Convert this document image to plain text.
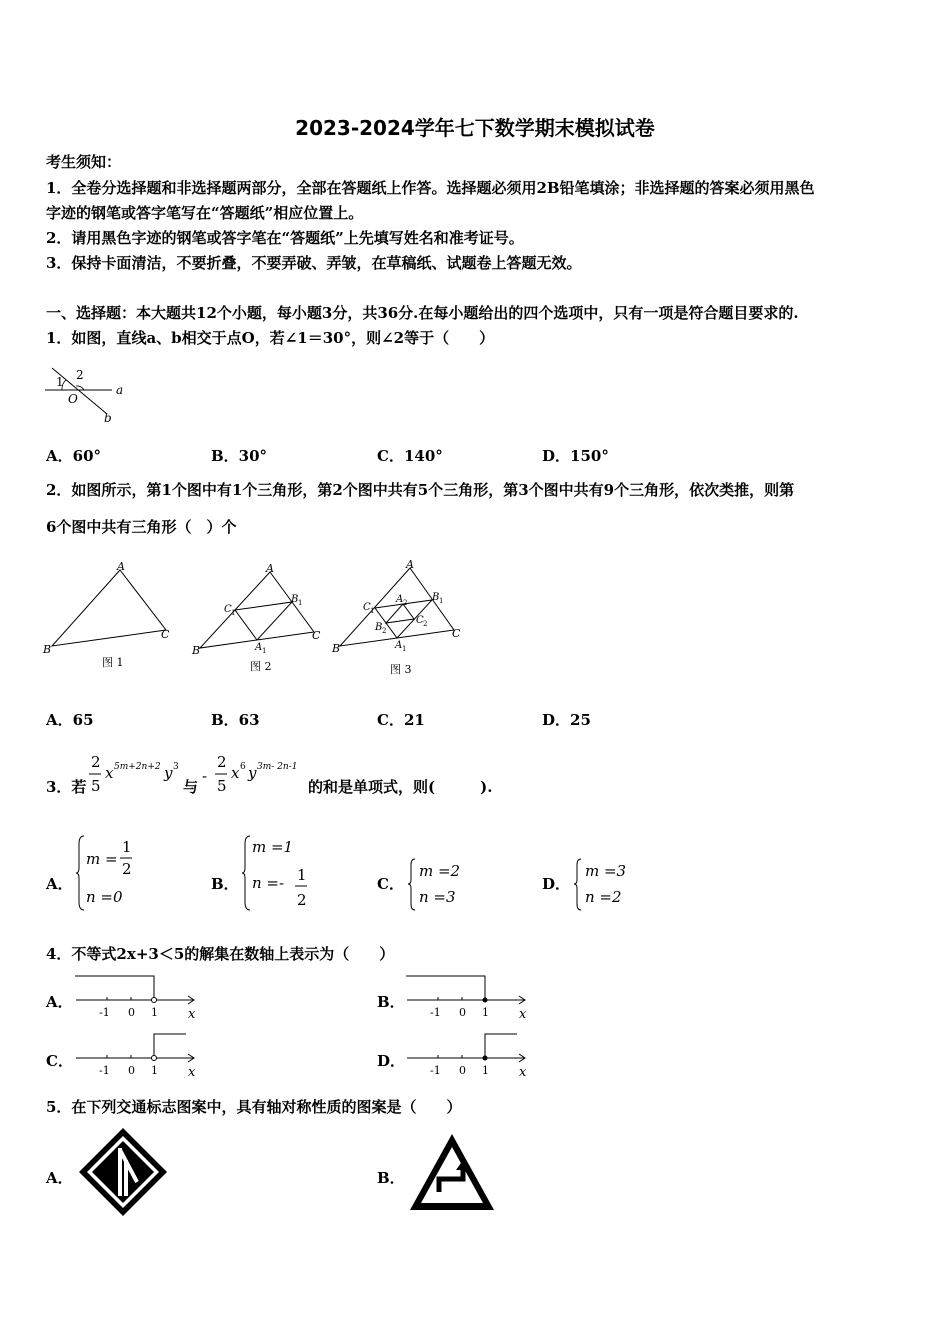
2023-2024学年七下数学期末模拟试卷
考生须知：
1．全卷分选择题和非选择题两部分，全部在答题纸上作答。选择题必须用2B铅笔填涂；非选择题的答案必须用黑色
字迹的钢笔或答字笔写在“答题纸”相应位置上。
2．请用黑色字迹的钢笔或答字笔在“答题纸”上先填写姓名和准考证号。
3．保持卡面清洁，不要折叠，不要弄破、弄皱，在草稿纸、试题卷上答题无效。
一、选择题：本大题共12个小题，每小题3分，共36分.在每小题给出的四个选项中，只有一项是符合题目要求的.
1．如图，直线a、b相交于点O，若∠1＝30°，则∠2等于（　　）
1 2
O
a
b
A．60°	B．30°	C．140°	D．150°
2．如图所示，第1个图中有1个三角形，第2个图中共有5个三角形，第3个图中共有9个三角形，依次类推，则第
6个图中共有三角形（　）个
A
B
C
图 1
A
B
C
C 1
B 1
A 1
图 2
A
B
C
C 1
B 1
A 1
A 2
B 2
C 2
图 3
A．65	B．63	C．21	D．25
3．若
2
5
x 5m+2n+2 y 3 -
2
5
x 6 y 3m- 2n-1
与	的和是单项式，则(　　　).
A．
m =
1
2
n =0
B．
m =1
n =- 1
2
C．
m =2
n =3
D．
m =3
n =2
4．不等式2x+3＜5的解集在数轴上表示为（　　）
A．
-1 0 1 x
B．
-1 0 1 x
C．
-1 0 1 x
D．
-1 0 1 x
5．在下列交通标志图案中，具有轴对称性质的图案是（　　）
A．	B．
